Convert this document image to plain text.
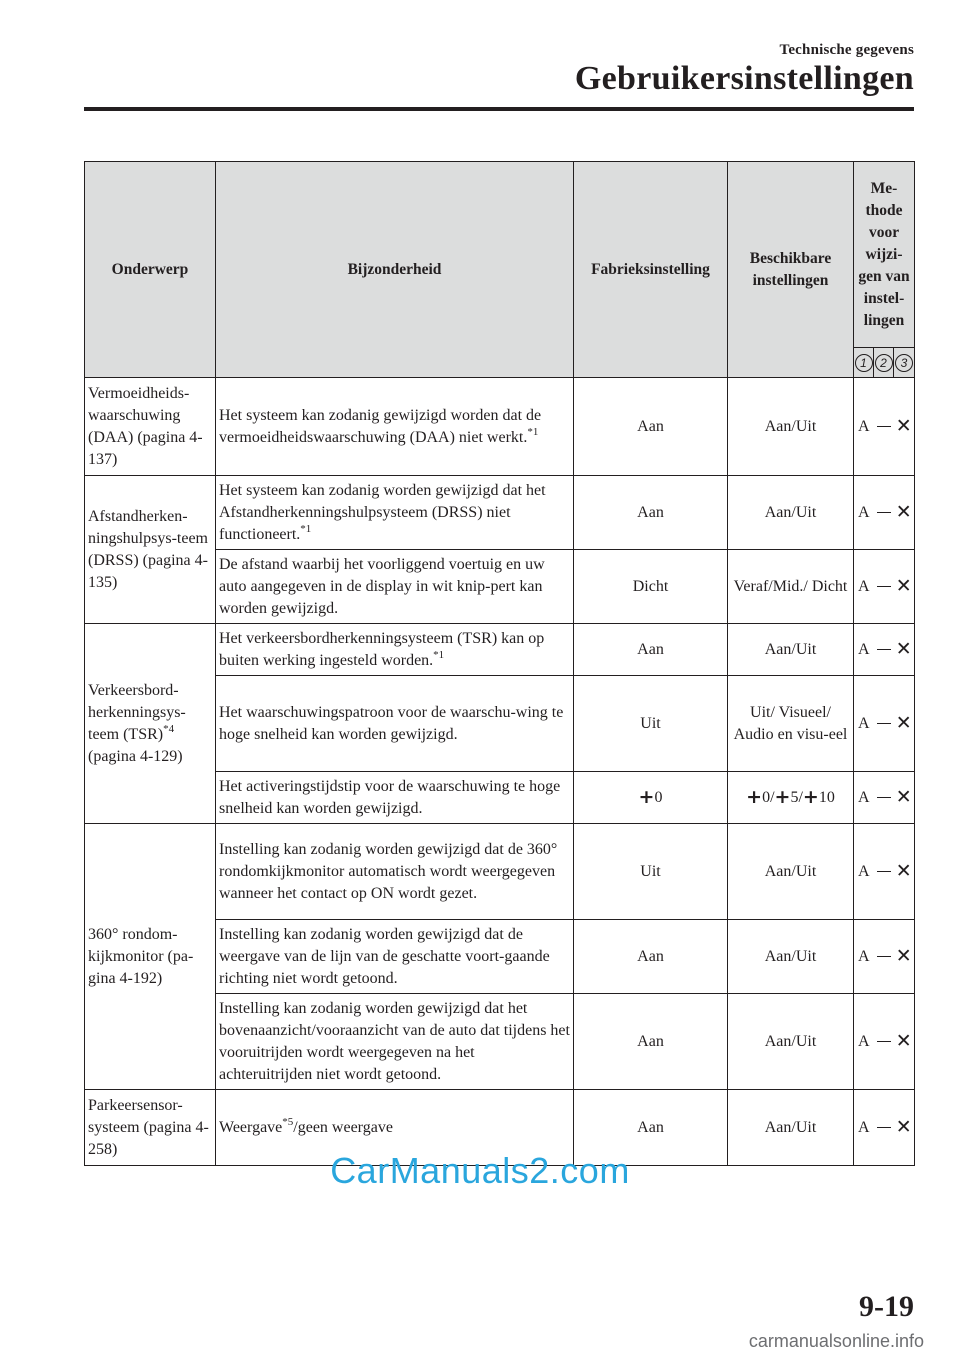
Technische gegevens
Gebruikersinstellingen
Onderwerp	Bijzonderheid	Fabrieksinstelling	Beschikbare instellingen	Me-thode voor wijzi-gen van instel-lingen		
				1	2	3
Vermoeidheids-waarschuwing (DAA) (pagina 4-137)	Het systeem kan zodanig gewijzigd worden dat de vermoeidheidswaarschuwing (DAA) niet werkt.$^{*1}$	Aan	Aan/Uit	A		✕
Afstandherken-ningshulpsys-teem (DRSS) (pagina 4-135)	Het systeem kan zodanig worden gewijzigd dat het Afstandherkenningshulpsysteem (DRSS) niet functioneert.$^{*1}$	Aan	Aan/Uit	A		✕
	De afstand waarbij het voorliggend voertuig en uw auto aangegeven in de display in wit knip-pert kan worden gewijzigd.	Dicht	Veraf/Mid./ Dicht	A		✕
Verkeersbord-herkenningsys-teem (TSR)$^{*4}$ (pagina 4-129)	Het verkeersbordherkenningsysteem (TSR) kan op buiten werking ingesteld worden.$^{*1}$	Aan	Aan/Uit	A		✕
	Het waarschuwingspatroon voor de waarschu-wing te hoge snelheid kan worden gewijzigd.	Uit	Uit/ Visueel/ Audio en visu-eel	A		✕
	Het activeringstijdstip voor de waarschuwing te hoge snelheid kan worden gewijzigd.	+0	+0/+5/+10	A		✕
360° rondom-kijkmonitor (pa-gina 4-192)	Instelling kan zodanig worden gewijzigd dat de 360° rondomkijkmonitor automatisch wordt weergegeven wanneer het contact op ON wordt gezet.	Uit	Aan/Uit	A		✕
	Instelling kan zodanig worden gewijzigd dat de weergave van de lijn van de geschatte voort-gaande richting niet wordt getoond.	Aan	Aan/Uit	A		✕
	Instelling kan zodanig worden gewijzigd dat het bovenaanzicht/vooraanzicht van de auto dat tijdens het vooruitrijden wordt weergegeven na het achteruitrijden niet wordt getoond.	Aan	Aan/Uit	A		✕
Parkeersensor-systeem (pagina 4-258)	Weergave$^{*5}$/geen weergave	Aan	Aan/Uit	A		✕
CarManuals2.com
9-19
carmanualsonline.info
